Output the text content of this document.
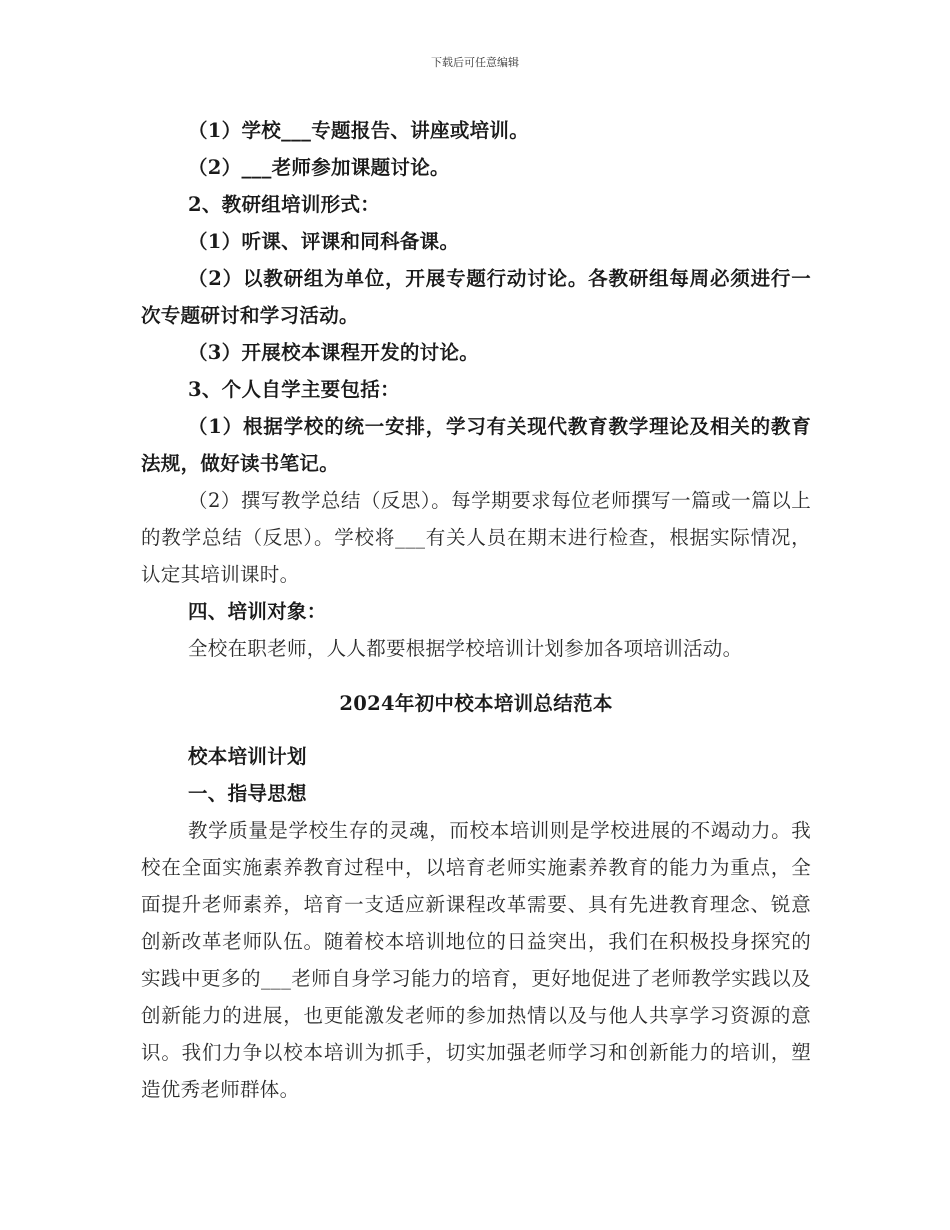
下载后可任意编辑

（1）学校___专题报告、讲座或培训。

（2）___老师参加课题讨论。

2、教研组培训形式：

（1）听课、评课和同科备课。

（2）以教研组为单位，开展专题行动讨论。各教研组每周必须进行一次专题研讨和学习活动。

（3）开展校本课程开发的讨论。

3、个人自学主要包括：

（1）根据学校的统一安排，学习有关现代教育教学理论及相关的教育法规，做好读书笔记。

（2）撰写教学总结（反思）。每学期要求每位老师撰写一篇或一篇以上的教学总结（反思）。学校将___有关人员在期末进行检查，根据实际情况，认定其培训课时。

四、培训对象：

全校在职老师，人人都要根据学校培训计划参加各项培训活动。

2024年初中校本培训总结范本

校本培训计划

一、指导思想

教学质量是学校生存的灵魂，而校本培训则是学校进展的不竭动力。我校在全面实施素养教育过程中，以培育老师实施素养教育的能力为重点，全面提升老师素养，培育一支适应新课程改革需要、具有先进教育理念、锐意创新改革老师队伍。随着校本培训地位的日益突出，我们在积极投身探究的实践中更多的___老师自身学习能力的培育，更好地促进了老师教学实践以及创新能力的进展，也更能激发老师的参加热情以及与他人共享学习资源的意识。我们力争以校本培训为抓手，切实加强老师学习和创新能力的培训，塑造优秀老师群体。
